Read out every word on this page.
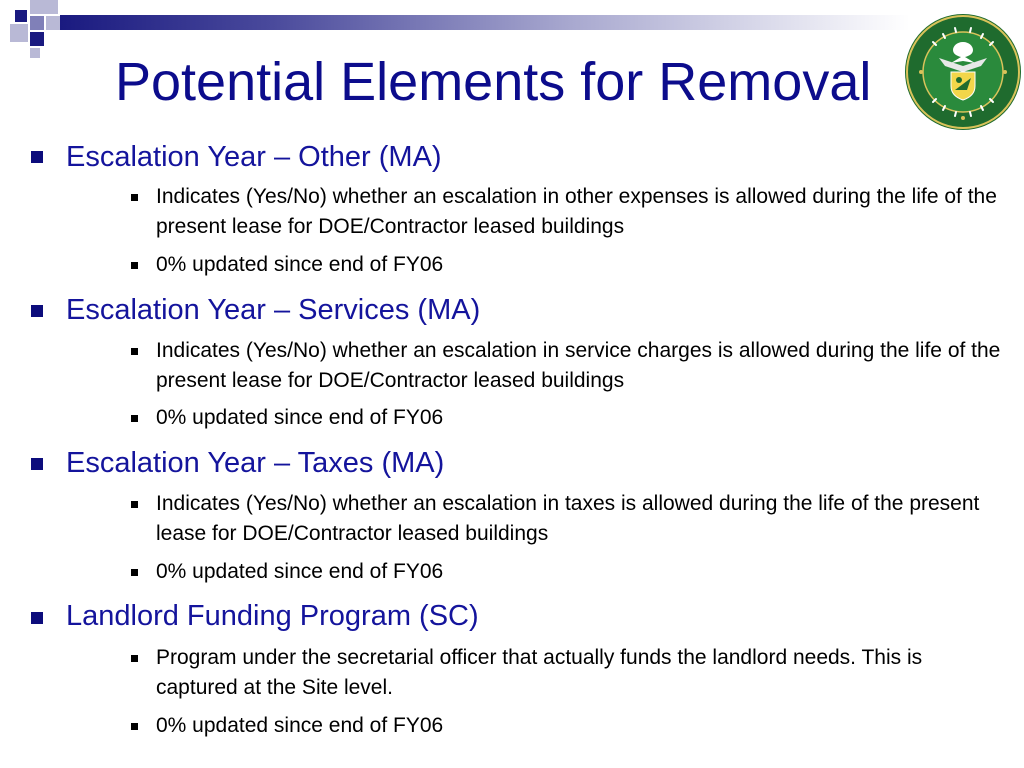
Potential Elements for Removal
Escalation Year – Other (MA)
Indicates (Yes/No) whether an escalation in other expenses is allowed during the life of the present lease for DOE/Contractor leased buildings
0% updated since end of FY06
Escalation Year – Services (MA)
Indicates (Yes/No) whether an escalation in service charges is allowed during the life of the present lease for DOE/Contractor leased buildings
0% updated since end of FY06
Escalation Year – Taxes (MA)
Indicates (Yes/No) whether an escalation in taxes is allowed during the life of the present lease for DOE/Contractor leased buildings
0% updated since end of FY06
Landlord Funding Program (SC)
Program under the secretarial officer that actually funds the landlord needs. This is captured at the Site level.
0% updated since end of FY06
